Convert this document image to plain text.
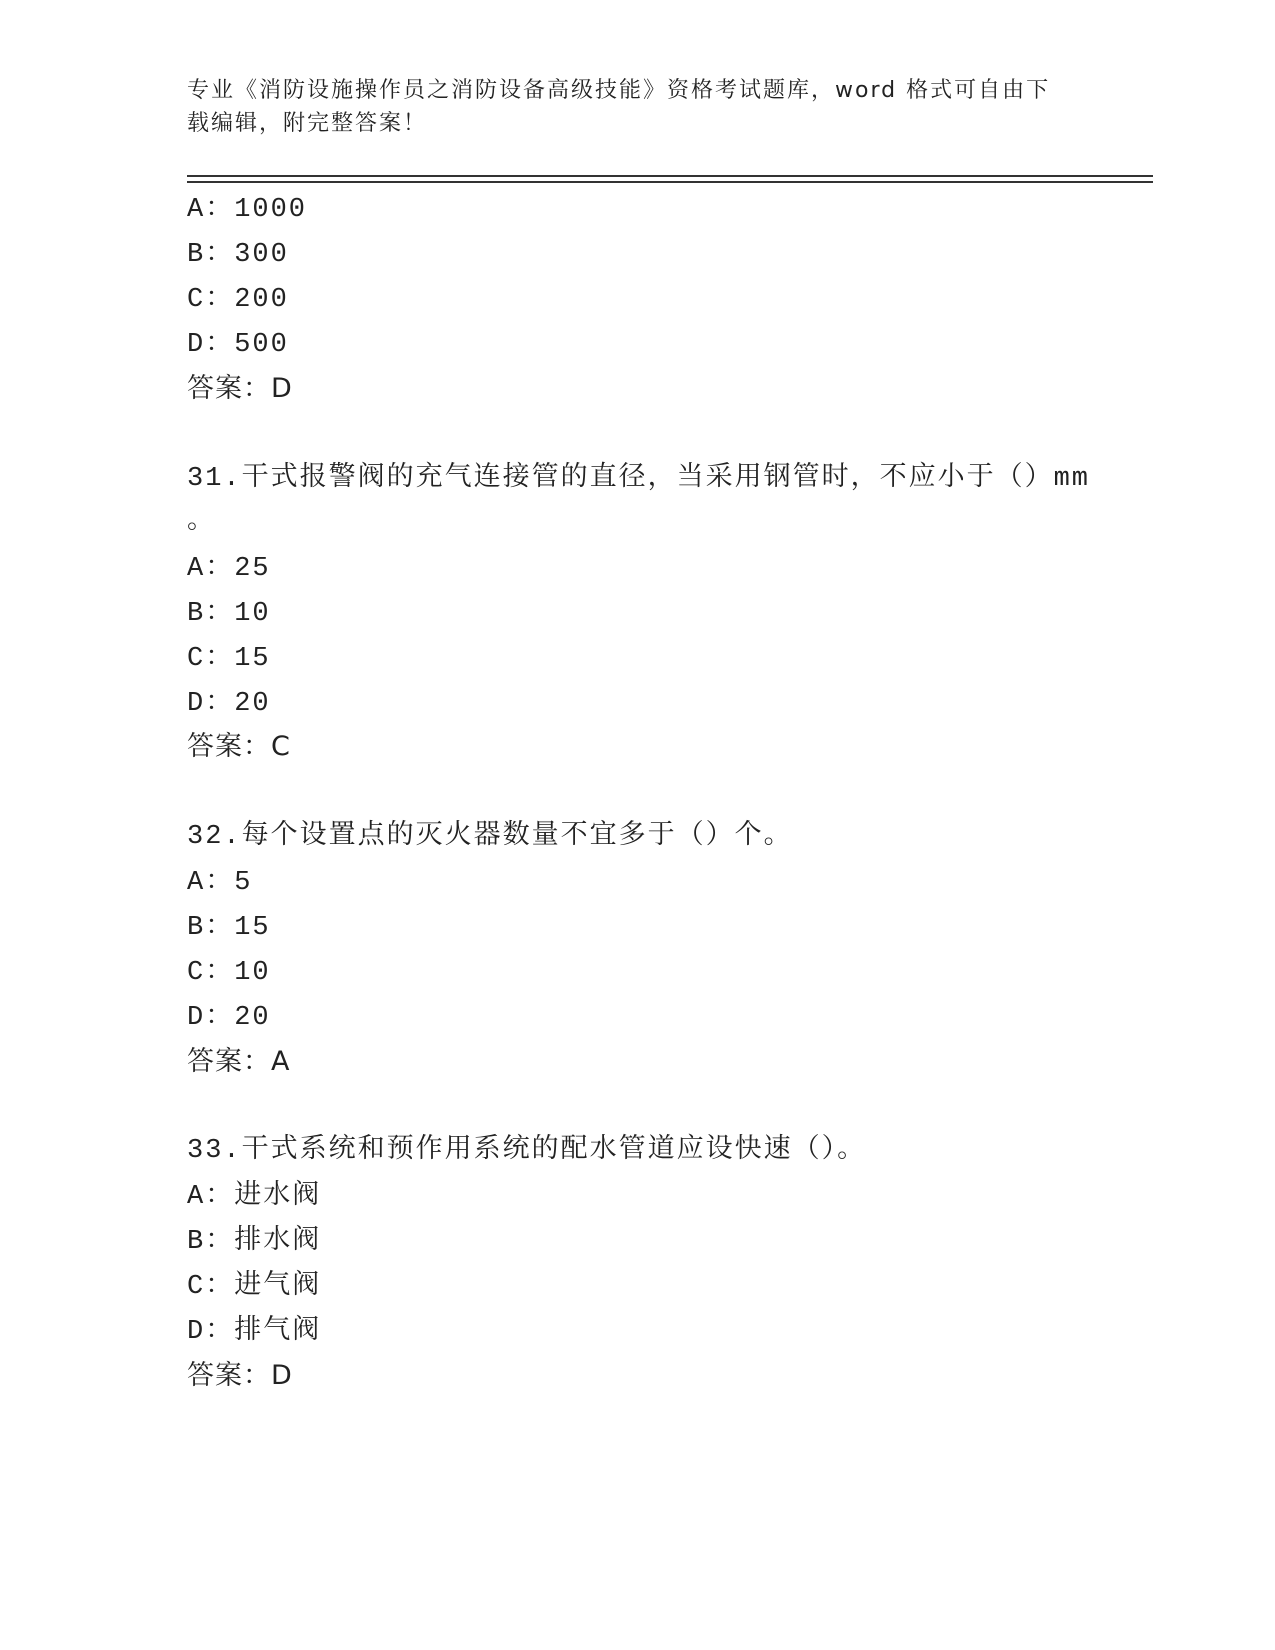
专业《消防设施操作员之消防设备高级技能》资格考试题库，word 格式可自由下
载编辑，附完整答案！
A：1000
B：300
C：200
D：500
答案：D
31.干式报警阀的充气连接管的直径，当采用钢管时，不应小于（）mm
。
A：25
B：10
C：15
D：20
答案：C
32.每个设置点的灭火器数量不宜多于（）个。
A：5
B：15
C：10
D：20
答案：A
33.干式系统和预作用系统的配水管道应设快速（）。
A：进水阀
B：排水阀
C：进气阀
D：排气阀
答案：D
